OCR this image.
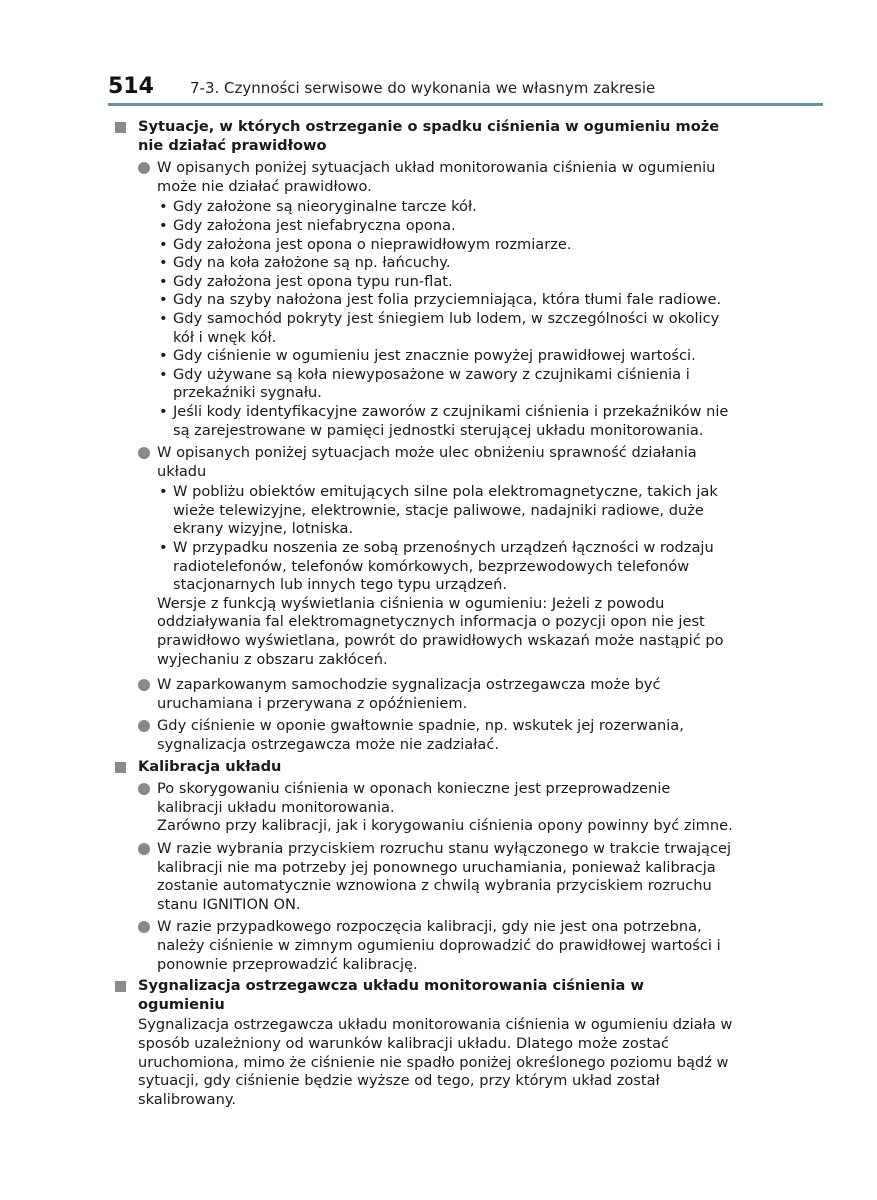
514 7-3. Czynności serwisowe do wykonania we własnym zakresie
Sytuacje, w których ostrzeganie o spadku ciśnienia w ogumieniu może nie działać prawidłowo
W opisanych poniżej sytuacjach układ monitorowania ciśnienia w ogumieniu może nie działać prawidłowo.
• Gdy założone są nieoryginalne tarcze kół.
• Gdy założona jest niefabryczna opona.
• Gdy założona jest opona o nieprawidłowym rozmiarze.
• Gdy na koła założone są np. łańcuchy.
• Gdy założona jest opona typu run-flat.
• Gdy na szyby nałożona jest folia przyciemniająca, która tłumi fale radiowe.
• Gdy samochód pokryty jest śniegiem lub lodem, w szczególności w okolicy kół i wnęk kół.
• Gdy ciśnienie w ogumieniu jest znacznie powyżej prawidłowej wartości.
• Gdy używane są koła niewyposażone w zawory z czujnikami ciśnienia i przekaźniki sygnału.
• Jeśli kody identyfikacyjne zaworów z czujnikami ciśnienia i przekaźników nie są zarejestrowane w pamięci jednostki sterującej układu monitorowania.
W opisanych poniżej sytuacjach może ulec obniżeniu sprawność działania układu
• W pobliżu obiektów emitujących silne pola elektromagnetyczne, takich jak wieże telewizyjne, elektrownie, stacje paliwowe, nadajniki radiowe, duże ekrany wizyjne, lotniska.
• W przypadku noszenia ze sobą przenośnych urządzeń łączności w rodzaju radiotelefonów, telefonów komórkowych, bezprzewodowych telefonów stacjonarnych lub innych tego typu urządzeń.
Wersje z funkcją wyświetlania ciśnienia w ogumieniu: Jeżeli z powodu oddziaływania fal elektromagnetycznych informacja o pozycji opon nie jest prawidłowo wyświetlana, powrót do prawidłowych wskazań może nastąpić po wyjechaniu z obszaru zakłóceń.
W zaparkowanym samochodzie sygnalizacja ostrzegawcza może być uruchamiana i przerywana z opóźnieniem.
Gdy ciśnienie w oponie gwałtownie spadnie, np. wskutek jej rozerwania, sygnalizacja ostrzegawcza może nie zadziałać.
Kalibracja układu
Po skorygowaniu ciśnienia w oponach konieczne jest przeprowadzenie kalibracji układu monitorowania.
Zarówno przy kalibracji, jak i korygowaniu ciśnienia opony powinny być zimne.
W razie wybrania przyciskiem rozruchu stanu wyłączonego w trakcie trwającej kalibracji nie ma potrzeby jej ponownego uruchamiania, ponieważ kalibracja zostanie automatycznie wznowiona z chwilą wybrania przyciskiem rozruchu stanu IGNITION ON.
W razie przypadkowego rozpoczęcia kalibracji, gdy nie jest ona potrzebna, należy ciśnienie w zimnym ogumieniu doprowadzić do prawidłowej wartości i ponownie przeprowadzić kalibrację.
Sygnalizacja ostrzegawcza układu monitorowania ciśnienia w ogumieniu
Sygnalizacja ostrzegawcza układu monitorowania ciśnienia w ogumieniu działa w sposób uzależniony od warunków kalibracji układu. Dlatego może zostać uruchomiona, mimo że ciśnienie nie spadło poniżej określonego poziomu bądź w sytuacji, gdy ciśnienie będzie wyższe od tego, przy którym układ został skalibrowany.
